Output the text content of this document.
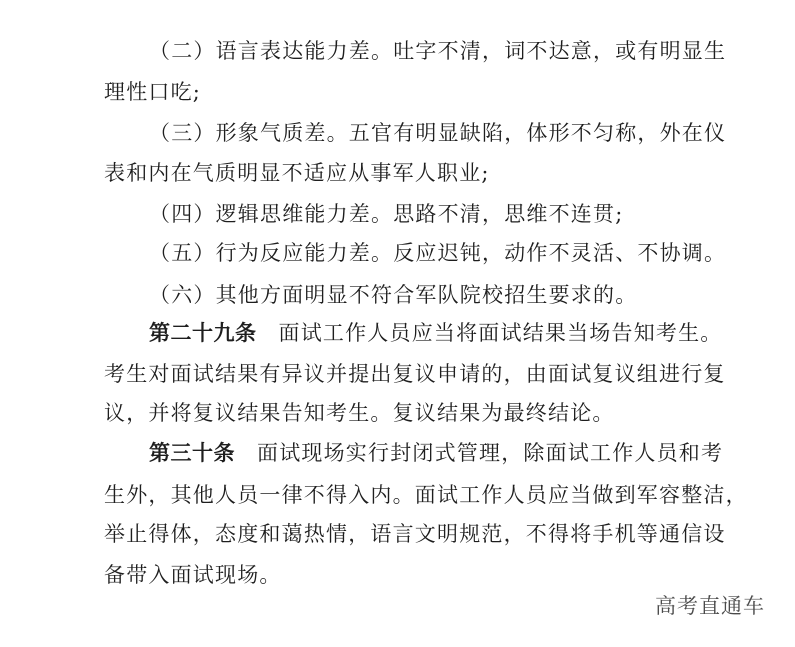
（二）语言表达能力差。吐字不清，词不达意，或有明显生
理性口吃;
（三）形象气质差。五官有明显缺陷，体形不匀称，外在仪
表和内在气质明显不适应从事军人职业;
（四）逻辑思维能力差。思路不清，思维不连贯;
（五）行为反应能力差。反应迟钝，动作不灵活、不协调。
（六）其他方面明显不符合军队院校招生要求的。
第二十九条 面试工作人员应当将面试结果当场告知考生。
考生对面试结果有异议并提出复议申请的，由面试复议组进行复
议，并将复议结果告知考生。复议结果为最终结论。
第三十条 面试现场实行封闭式管理，除面试工作人员和考
生外，其他人员一律不得入内。面试工作人员应当做到军容整洁，
举止得体，态度和蔼热情，语言文明规范，不得将手机等通信设
备带入面试现场。
高考直通车
